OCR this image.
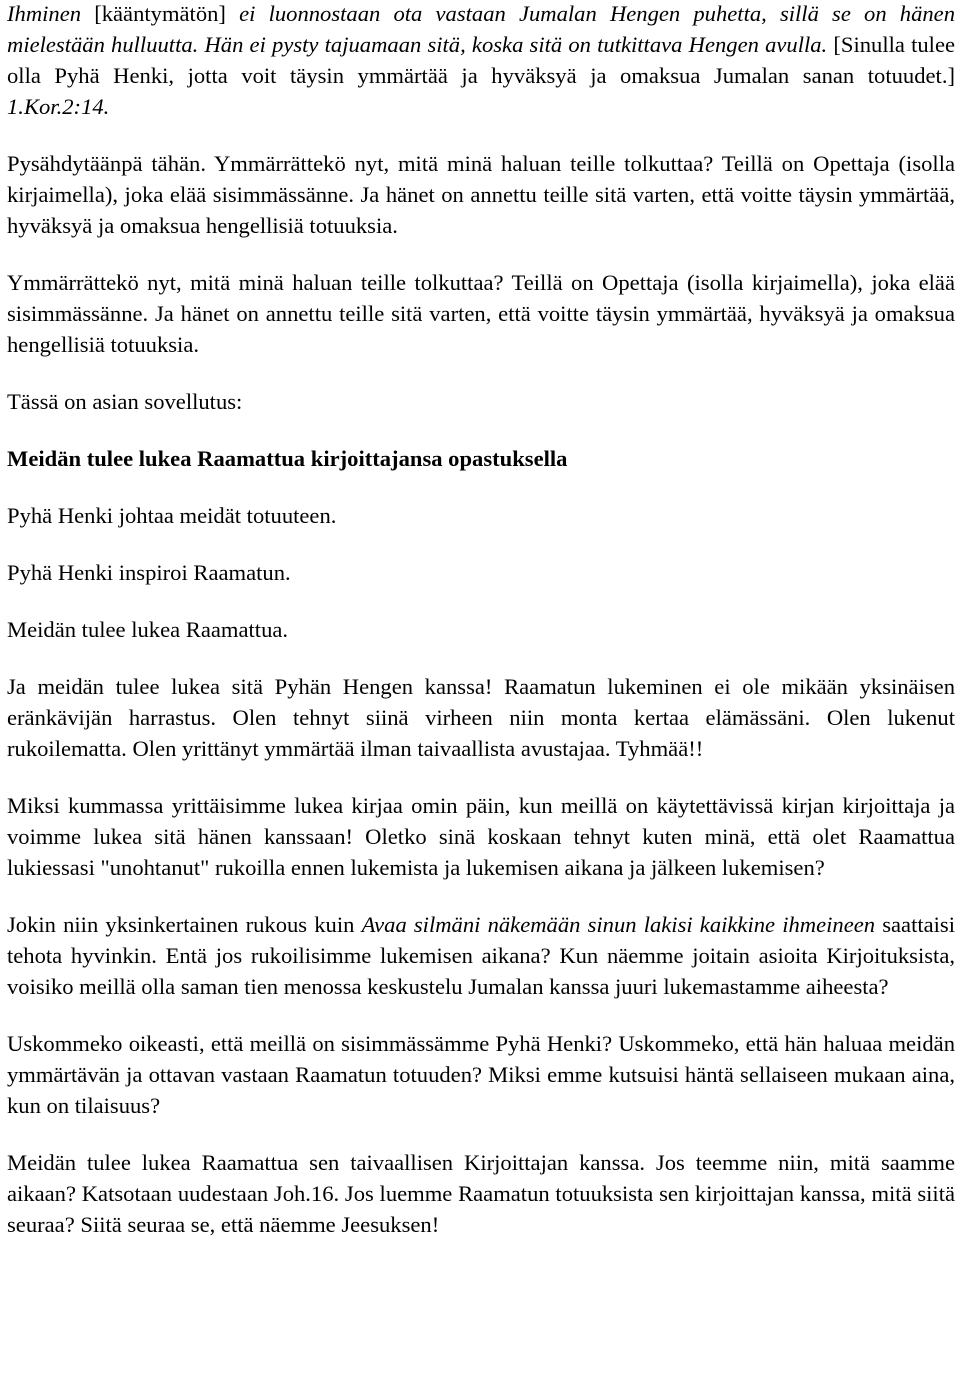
Ihminen [kääntymätön] ei luonnostaan ota vastaan Jumalan Hengen puhetta, sillä se on hänen mielestään hulluutta. Hän ei pysty tajuamaan sitä, koska sitä on tutkittava Hengen avulla. [Sinulla tulee olla Pyhä Henki, jotta voit täysin ymmärtää ja hyväksyä ja omaksua Jumalan sanan totuudet.] 1.Kor.2:14.

Pysähdytäänpä tähän. Ymmärrättekö nyt, mitä minä haluan teille tolkuttaa? Teillä on Opettaja (isolla kirjaimella), joka elää sisimmässänne. Ja hänet on annettu teille sitä varten, että voitte täysin ymmärtää, hyväksyä ja omaksua hengellisiä totuuksia.

Ymmärrättekö nyt, mitä minä haluan teille tolkuttaa? Teillä on Opettaja (isolla kirjaimella), joka elää sisimmässänne. Ja hänet on annettu teille sitä varten, että voitte täysin ymmärtää, hyväksyä ja omaksua hengellisiä totuuksia.

Tässä on asian sovellutus:

Meidän tulee lukea Raamattua kirjoittajansa opastuksella

Pyhä Henki johtaa meidät totuuteen.

Pyhä Henki inspiroi Raamatun.

Meidän tulee lukea Raamattua.

Ja meidän tulee lukea sitä Pyhän Hengen kanssa! Raamatun lukeminen ei ole mikään yksinäisen eränkävijän harrastus. Olen tehnyt siinä virheen niin monta kertaa elämässäni. Olen lukenut rukoilematta. Olen yrittänyt ymmärtää ilman taivaallista avustajaa. Tyhmää!!

Miksi kummassa yrittäisimme lukea kirjaa omin päin, kun meillä on käytettävissä kirjan kirjoittaja ja voimme lukea sitä hänen kanssaan! Oletko sinä koskaan tehnyt kuten minä, että olet Raamattua lukiessasi "unohtanut" rukoilla ennen lukemista ja lukemisen aikana ja jälkeen lukemisen?

Jokin niin yksinkertainen rukous kuin Avaa silmäni näkemään sinun lakisi kaikkine ihmeineen saattaisi tehota hyvinkin. Entä jos rukoilisimme lukemisen aikana? Kun näemme joitain asioita Kirjoituksista, voisiko meillä olla saman tien menossa keskustelu Jumalan kanssa juuri lukemastamme aiheesta?

Uskommeko oikeasti, että meillä on sisimmässämme Pyhä Henki? Uskommeko, että hän haluaa meidän ymmärtävän ja ottavan vastaan Raamatun totuuden? Miksi emme kutsuisi häntä sellaiseen mukaan aina, kun on tilaisuus?

Meidän tulee lukea Raamattua sen taivaallisen Kirjoittajan kanssa. Jos teemme niin, mitä saamme aikaan? Katsotaan uudestaan Joh.16. Jos luemme Raamatun totuuksista sen kirjoittajan kanssa, mitä siitä seuraa? Siitä seuraa se, että näemme Jeesuksen!
